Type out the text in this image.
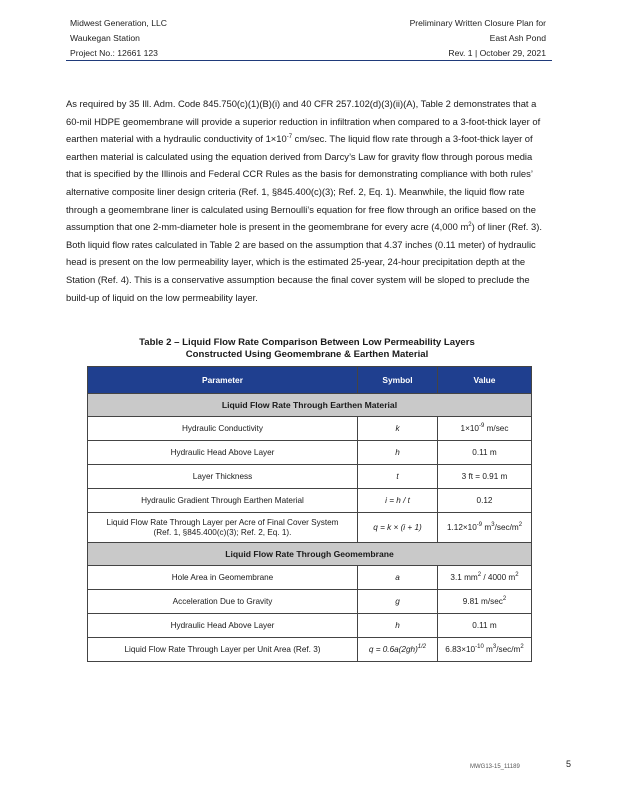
Midwest Generation, LLC
Waukegan Station
Project No.: 12661 123
Preliminary Written Closure Plan for
East Ash Pond
Rev. 1 | October 29, 2021

As required by 35 Ill. Adm. Code 845.750(c)(1)(B)(i) and 40 CFR 257.102(d)(3)(ii)(A), Table 2 demonstrates that a 60-mil HDPE geomembrane will provide a superior reduction in infiltration when compared to a 3-foot-thick layer of earthen material with a hydraulic conductivity of $1\times 10^{-7}$ cm/sec. The liquid flow rate through a 3-foot-thick layer of earthen material is calculated using the equation derived from Darcy’s Law for gravity flow through porous media that is specified by the Illinois and Federal CCR Rules as the basis for demonstrating compliance with both rules’ alternative composite liner design criteria (Ref. 1, §845.400(c)(3); Ref. 2, Eq. 1). Meanwhile, the liquid flow rate through a geomembrane liner is calculated using Bernoulli’s equation for free flow through an orifice based on the assumption that one 2-mm-diameter hole is present in the geomembrane for every acre (4,000 $m^2$) of liner (Ref. 3). Both liquid flow rates calculated in Table 2 are based on the assumption that 4.37 inches (0.11 meter) of hydraulic head is present on the low permeability layer, which is the estimated 25-year, 24-hour precipitation depth at the Station (Ref. 4). This is a conservative assumption because the final cover system will be sloped to preclude the build-up of liquid on the low permeability layer.

Table 2 – Liquid Flow Rate Comparison Between Low Permeability Layers
Constructed Using Geomembrane & Earthen Material
Parameter	Symbol	Value
Liquid Flow Rate Through Earthen Material		
Hydraulic Conductivity	k	$1\times 10^{-9}$ m/sec
Hydraulic Head Above Layer	h	0.11 m
Layer Thickness	t	3 ft = 0.91 m
Hydraulic Gradient Through Earthen Material	i = h / t	0.12

Liquid Flow Rate Through Layer per Acre of Final Cover System
(Ref. 1, §845.400(c)(3); Ref. 2, Eq. 1).	q = k × (i + 1)	$1.12\times 10^{-9}$ $m^3/\sec/m^2$
Liquid Flow Rate Through Geomembrane		
Hole Area in Geomembrane	a	3.1 $mm^2 / 4000$ $m^2$
Acceleration Due to Gravity	g	9.81 $m/\sec^2$
Hydraulic Head Above Layer	h	0.11 m
Liquid Flow Rate Through Layer per Unit Area (Ref. 3)	$q = 0.6a(2gh)^{1/2}$	$6.83\times 10^{-10}$ $m^3/\sec/m^2$
MWG13-15_11189	5
